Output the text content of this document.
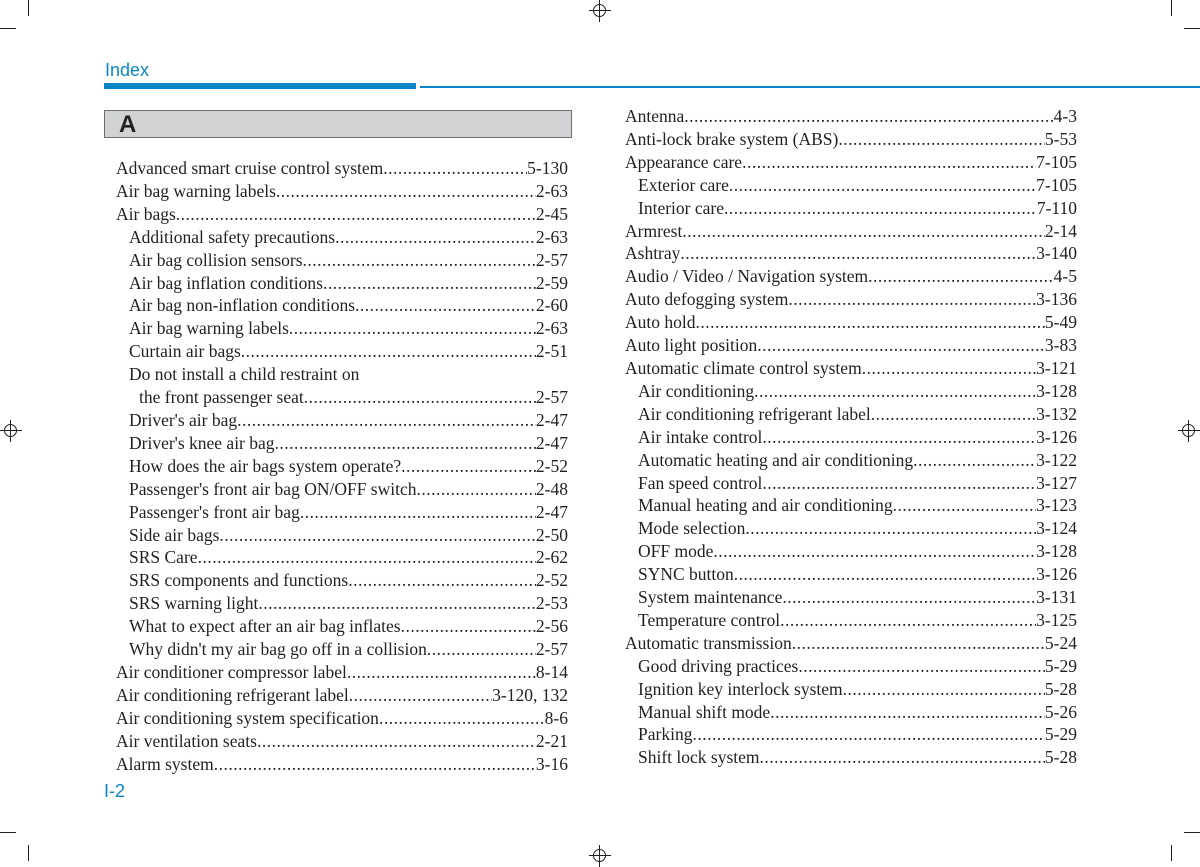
Index
A
Advanced smart cruise control system .....	5-130
Air bag warning labels .....	2-63
Air bags .....	2-45
Additional safety precautions .....	2-63
Air bag collision sensors .....	2-57
Air bag inflation conditions .....	2-59
Air bag non-inflation conditions .....	2-60
Air bag warning labels .....	2-63
Curtain air bags .....	2-51
Do not install a child restraint on
the front passenger seat .....	2-57
Driver's air bag .....	2-47
Driver's knee air bag .....	2-47
How does the air bags system operate? .....	2-52
Passenger's front air bag ON/OFF switch .....	2-48
Passenger's front air bag .....	2-47
Side air bags .....	2-50
SRS Care .....	2-62
SRS components and functions .....	2-52
SRS warning light .....	2-53
What to expect after an air bag inflates .....	2-56
Why didn't my air bag go off in a collision .....	2-57
Air conditioner compressor label .....	8-14
Air conditioning refrigerant label .....	3-120, 132
Air conditioning system specification .....	8-6
Air ventilation seats .....	2-21
Alarm system .....	3-16
Antenna .....	4-3
Anti-lock brake system (ABS) .....	5-53
Appearance care .....	7-105
Exterior care .....	7-105
Interior care .....	7-110
Armrest .....	2-14
Ashtray .....	3-140
Audio / Video / Navigation system .....	4-5
Auto defogging system .....	3-136
Auto hold .....	5-49
Auto light position .....	3-83
Automatic climate control system .....	3-121
Air conditioning .....	3-128
Air conditioning refrigerant label .....	3-132
Air intake control .....	3-126
Automatic heating and air conditioning .....	3-122
Fan speed control .....	3-127
Manual heating and air conditioning .....	3-123
Mode selection .....	3-124
OFF mode .....	3-128
SYNC button .....	3-126
System maintenance .....	3-131
Temperature control .....	3-125
Automatic transmission .....	5-24
Good driving practices .....	5-29
Ignition key interlock system .....	5-28
Manual shift mode .....	5-26
Parking .....	5-29
Shift lock system .....	5-28
I-2
